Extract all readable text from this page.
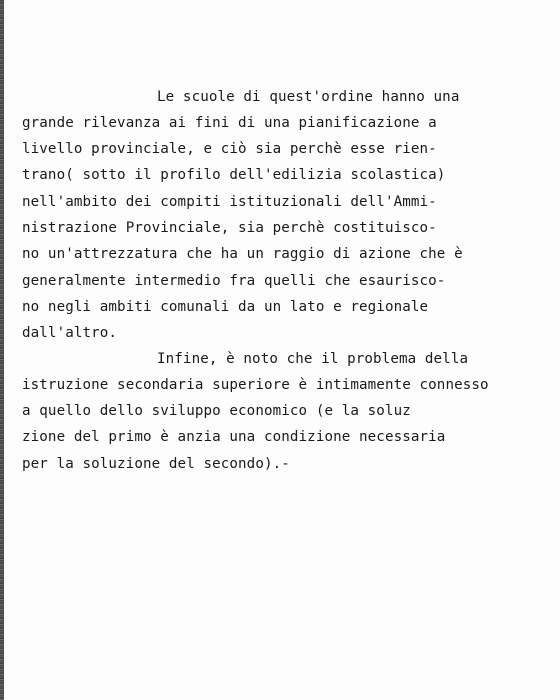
Le scuole di quest'ordine hanno una
grande rilevanza ai fini di una pianificazione a
livello provinciale, e ciò sia perchè esse rien-
trano( sotto il profilo dell'edilizia scolastica)
nell'ambito dei compiti istituzionali dell'Ammi-
nistrazione Provinciale, sia perchè costituisco-
no un'attrezzatura che ha un raggio di azione che è
generalmente intermedio fra quelli che esaurisco-
no negli ambiti comunali da un lato e regionale
dall'altro.
Infine, è noto che il problema della
istruzione secondaria superiore è intimamente connesso
a quello dello sviluppo economico (e la soluz
zione del primo è anzia una condizione necessaria
per la soluzione del secondo).-
